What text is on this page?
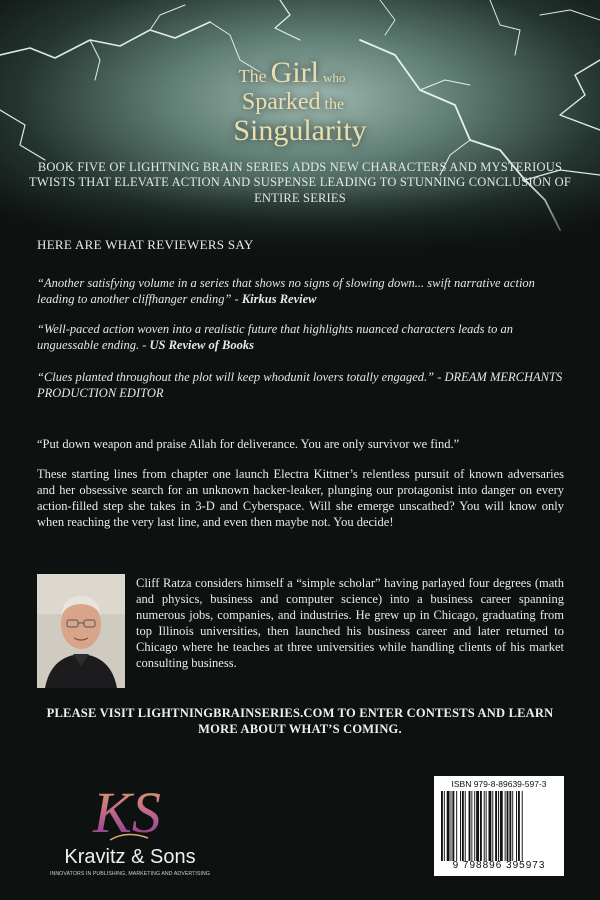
The Girl who
Sparked the
Singularity
BOOK FIVE OF LIGHTNING BRAIN SERIES ADDS NEW CHARACTERS AND MYSTERIOUS TWISTS THAT ELEVATE ACTION AND SUSPENSE LEADING TO STUNNING CONCLUSION OF ENTIRE SERIES
HERE ARE WHAT REVIEWERS SAY
“Another satisfying volume in a series that shows no signs of slowing down... swift narrative action leading to another cliffhanger ending” - Kirkus Review
“Well-paced action woven into a realistic future that highlights nuanced characters leads to an unguessable ending. - US Review of Books
“Clues planted throughout the plot will keep whodunit lovers totally engaged.” - DREAM MERCHANTS PRODUCTION EDITOR
“Put down weapon and praise Allah for deliverance. You are only survivor we find.”
These starting lines from chapter one launch Electra Kittner’s relentless pursuit of known adversaries and her obsessive search for an unknown hacker-leaker, plunging our protagonist into danger on every action-filled step she takes in 3-D and Cyberspace. Will she emerge unscathed? You will know only when reaching the very last line, and even then maybe not. You decide!
Cliff Ratza considers himself a “simple scholar” having parlayed four degrees (math and physics, business and computer science) into a business career spanning numerous jobs, companies, and industries. He grew up in Chicago, graduating from top Illinois universities, then launched his business career and later returned to Chicago where he teaches at three universities while handling clients of his market consulting business.
PLEASE VISIT LIGHTNINGBRAINSERIES.COM TO ENTER CONTESTS AND LEARN MORE ABOUT WHAT’S COMING.
KS
Kravitz & Sons
INNOVATORS IN PUBLISHING, MARKETING AND ADVERTISING
ISBN 979-8-89639-597-3
9 798896 395973
